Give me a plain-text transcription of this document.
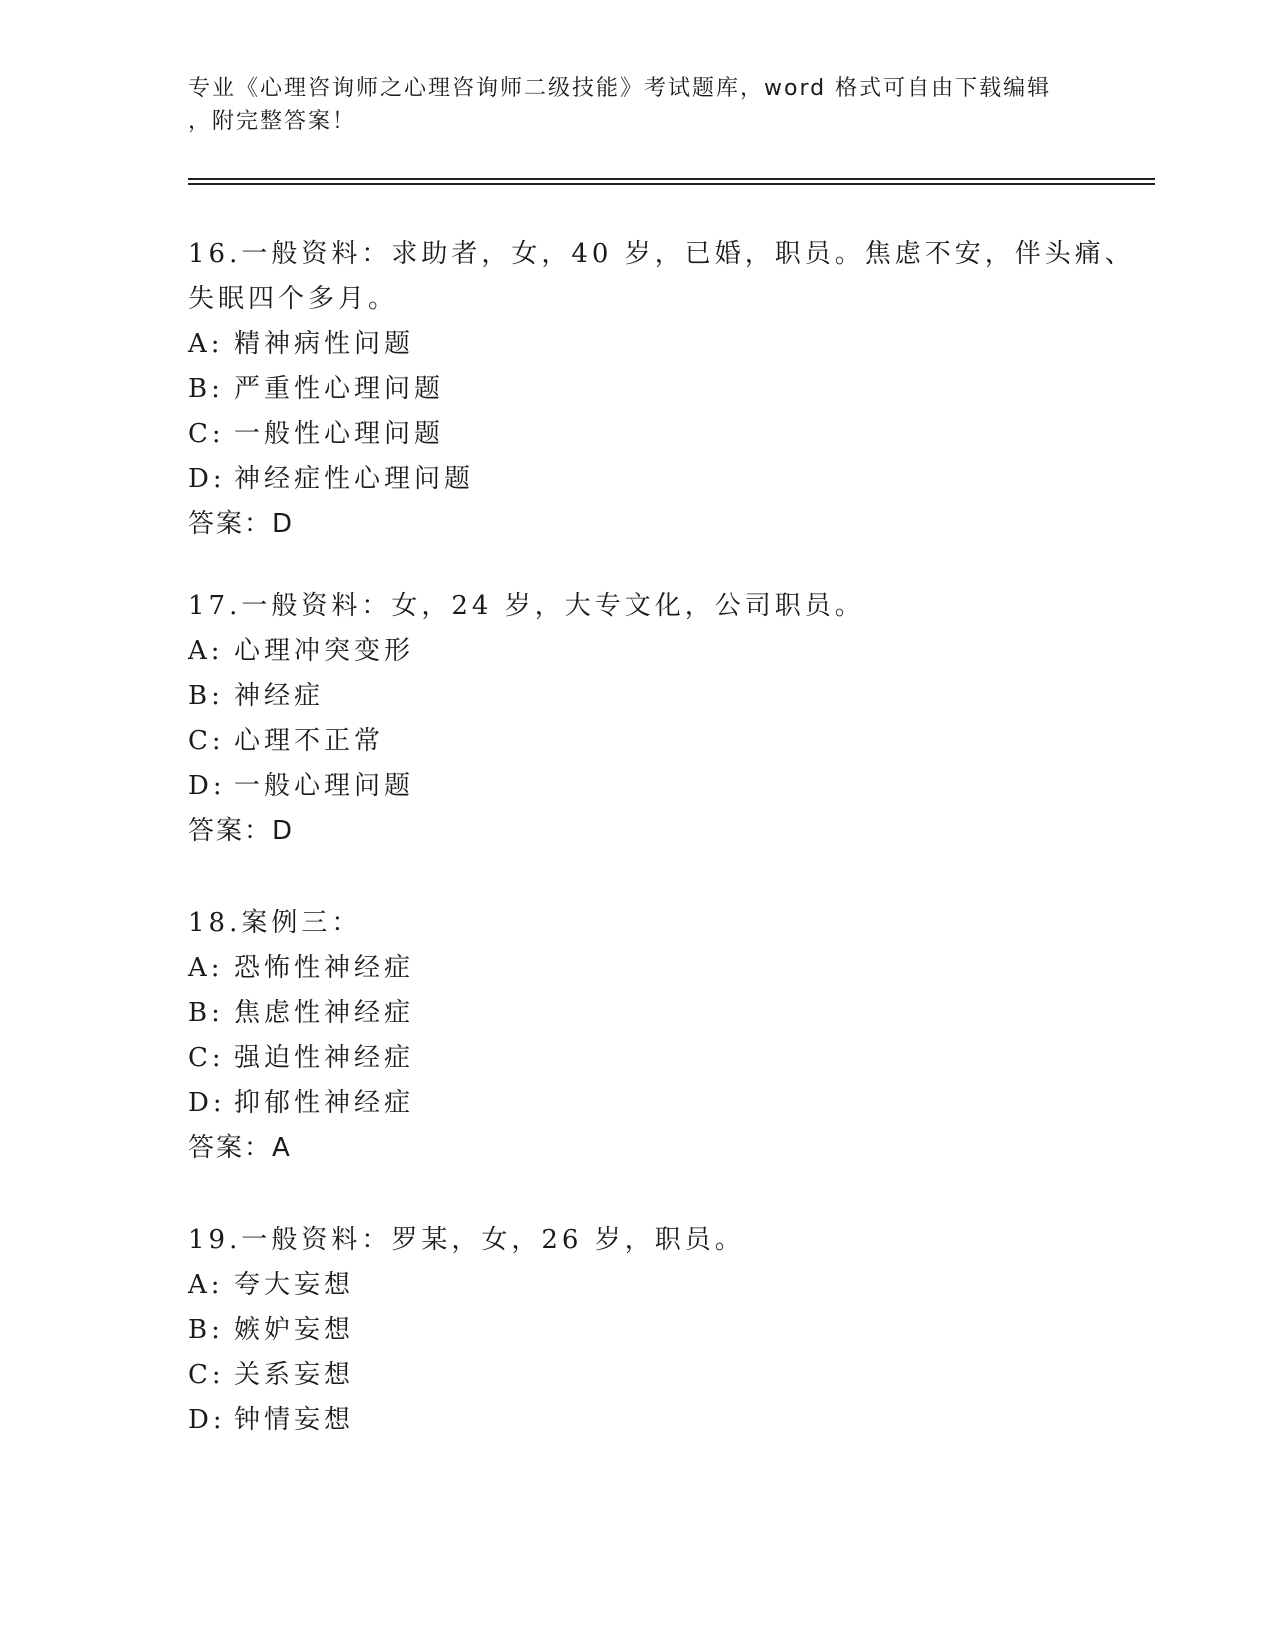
专业《心理咨询师之心理咨询师二级技能》考试题库，word 格式可自由下载编辑
，附完整答案！
16.一般资料：求助者，女，40 岁，已婚，职员。焦虑不安，伴头痛、
失眠四个多月。
A: 精神病性问题
B: 严重性心理问题
C: 一般性心理问题
D: 神经症性心理问题
答案：D
17.一般资料：女，24 岁，大专文化，公司职员。
A: 心理冲突变形
B: 神经症
C: 心理不正常
D: 一般心理问题
答案：D
18.案例三：
A: 恐怖性神经症
B: 焦虑性神经症
C: 强迫性神经症
D: 抑郁性神经症
答案：A
19.一般资料：罗某，女，26 岁，职员。
A: 夸大妄想
B: 嫉妒妄想
C: 关系妄想
D: 钟情妄想
